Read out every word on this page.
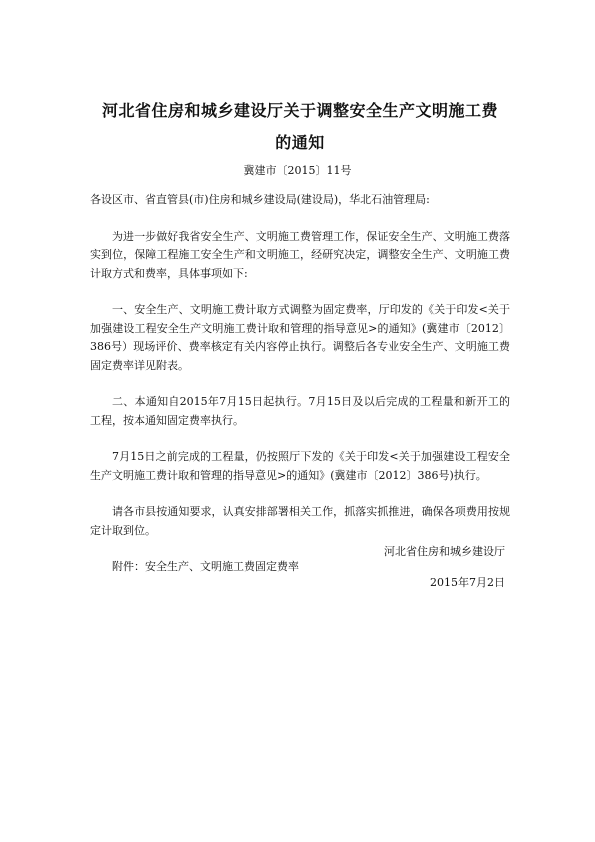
河北省住房和城乡建设厅关于调整安全生产文明施工费的通知
冀建市〔2015〕11号

各设区市、省直管县(市)住房和城乡建设局(建设局)，华北石油管理局:

为进一步做好我省安全生产、文明施工费管理工作，保证安全生产、文明施工费落实到位，保障工程施工安全生产和文明施工，经研究决定，调整安全生产、文明施工费计取方式和费率，具体事项如下:

一、安全生产、文明施工费计取方式调整为固定费率，厅印发的《关于印发<关于加强建设工程安全生产文明施工费计取和管理的指导意见>的通知》(冀建市〔2012〕386号）现场评价、费率核定有关内容停止执行。调整后各专业安全生产、文明施工费固定费率详见附表。

二、本通知自2015年7月15日起执行。7月15日及以后完成的工程量和新开工的工程，按本通知固定费率执行。

7月15日之前完成的工程量，仍按照厅下发的《关于印发<关于加强建设工程安全生产文明施工费计取和管理的指导意见>的通知》(冀建市〔2012〕386号)执行。

请各市县按通知要求，认真安排部署相关工作，抓落实抓推进，确保各项费用按规定计取到位。

附件：安全生产、文明施工费固定费率

河北省住房和城乡建设厅
2015年7月2日
